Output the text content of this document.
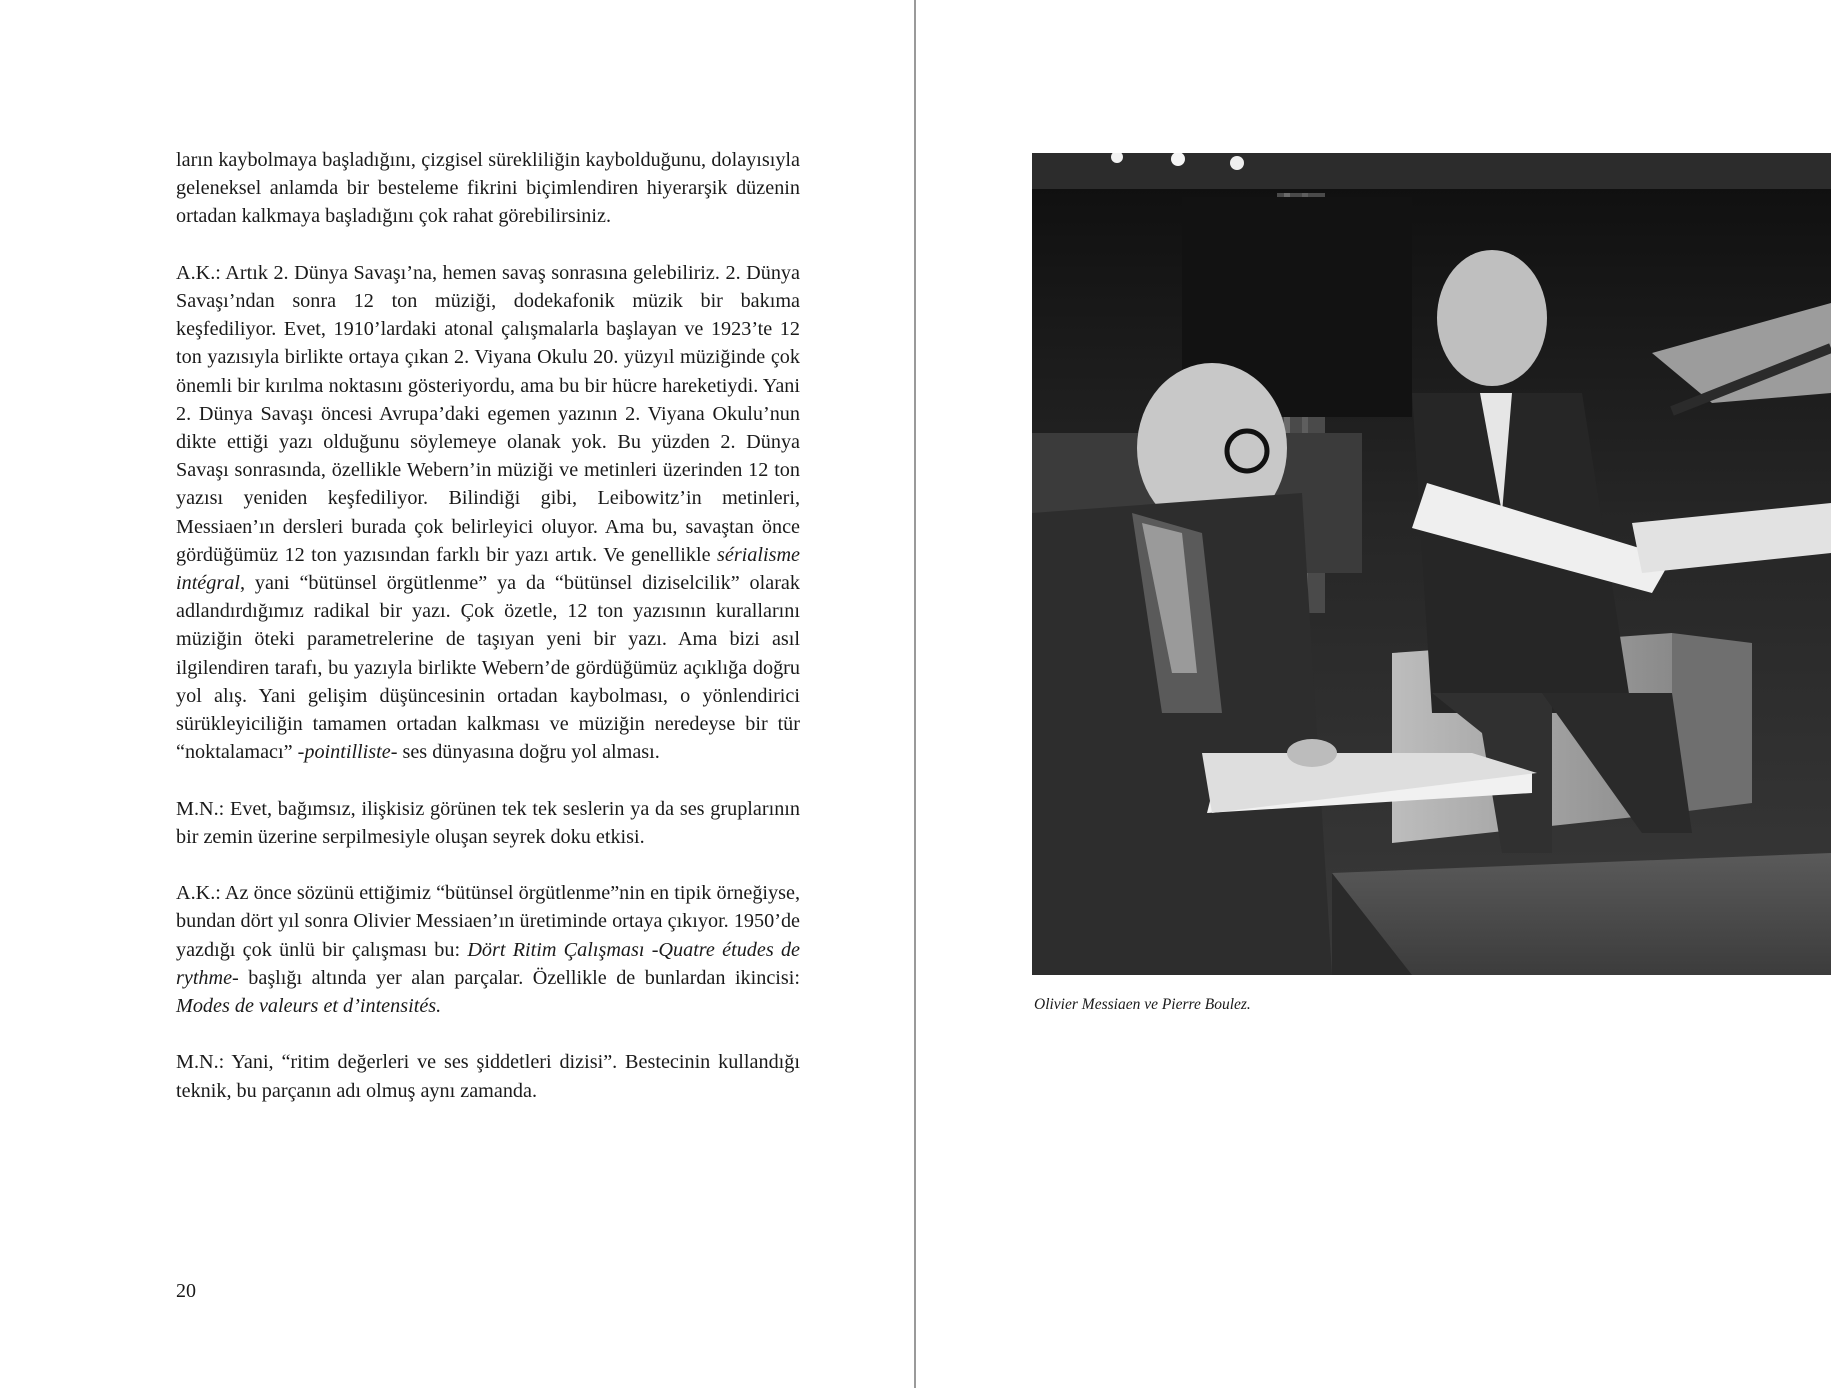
ların kaybolmaya başladığını, çizgisel sürekliliğin kaybolduğunu, dolayısıyla geleneksel anlamda bir besteleme fikrini biçimlendiren hiyerarşik düzenin ortadan kalkmaya başladığını çok rahat görebilirsiniz.

A.K.: Artık 2. Dünya Savaşı’na, hemen savaş sonrasına gelebiliriz. 2. Dünya Savaşı’ndan sonra 12 ton müziği, dodekafonik müzik bir bakıma keşfediliyor. Evet, 1910’lardaki atonal çalışmalarla başlayan ve 1923’te 12 ton yazısıyla birlikte ortaya çıkan 2. Viyana Okulu 20. yüzyıl müziğinde çok önemli bir kırılma noktasını gösteriyordu, ama bu bir hücre hareketiydi. Yani 2. Dünya Savaşı öncesi Avrupa’daki egemen yazının 2. Viyana Okulu’nun dikte ettiği yazı olduğunu söylemeye olanak yok. Bu yüzden 2. Dünya Savaşı sonrasında, özellikle Webern’in müziği ve metinleri üzerinden 12 ton yazısı yeniden keşfediliyor. Bilindiği gibi, Leibowitz’in metinleri, Messiaen’ın dersleri burada çok belirleyici oluyor. Ama bu, savaştan önce gördüğümüz 12 ton yazısından farklı bir yazı artık. Ve genellikle sérialisme intégral, yani “bütünsel örgütlenme” ya da “bütünsel diziselcilik” olarak adlandırdığımız radikal bir yazı. Çok özetle, 12 ton yazısının kurallarını müziğin öteki parametrelerine de taşıyan yeni bir yazı. Ama bizi asıl ilgilendiren tarafı, bu yazıyla birlikte Webern’de gördüğümüz açıklığa doğru yol alış. Yani gelişim düşüncesinin ortadan kaybolması, o yönlendirici sürükleyiciliğin tamamen ortadan kalkması ve müziğin neredeyse bir tür “noktalamacı” -pointilliste- ses dünyasına doğru yol alması.

M.N.: Evet, bağımsız, ilişkisiz görünen tek tek seslerin ya da ses gruplarının bir zemin üzerine serpilmesiyle oluşan seyrek doku etkisi.

A.K.: Az önce sözünü ettiğimiz “bütünsel örgütlenme”nin en tipik örneğiyse, bundan dört yıl sonra Olivier Messiaen’ın üretiminde ortaya çıkıyor. 1950’de yazdığı çok ünlü bir çalışması bu: Dört Ritim Çalışması -Quatre études de rythme- başlığı altında yer alan parçalar. Özellikle de bunlardan ikincisi: Modes de valeurs et d’intensités.

M.N.: Yani, “ritim değerleri ve ses şiddetleri dizisi”. Bestecinin kullandığı teknik, bu parçanın adı olmuş aynı zamanda.

20
Olivier Messiaen ve Pierre Boulez.
